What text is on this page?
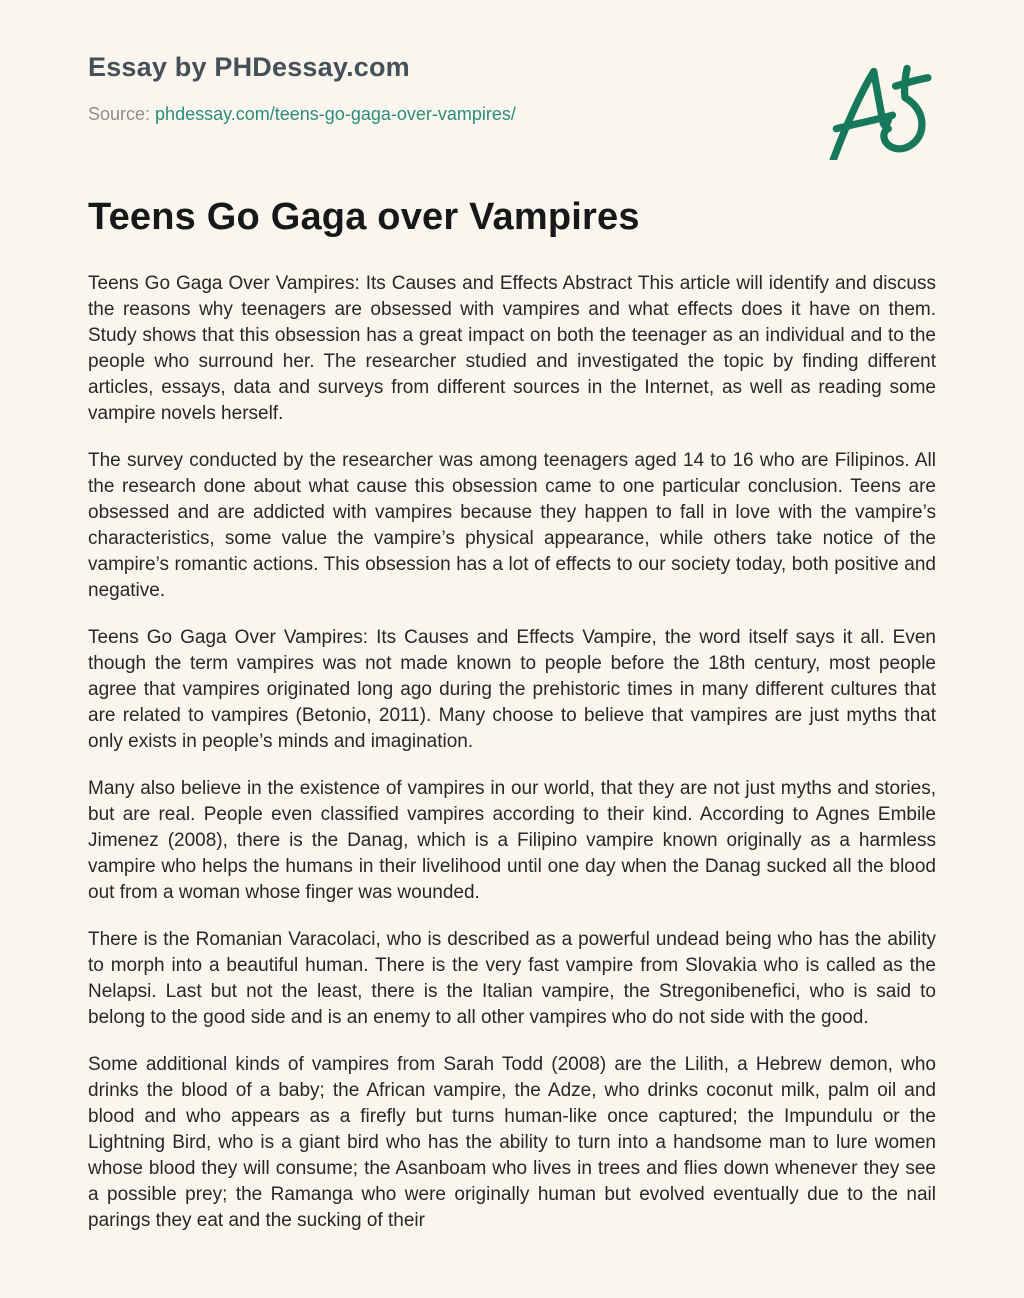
Essay by PHDessay.com
Source: phdessay.com/teens-go-gaga-over-vampires/
Teens Go Gaga over Vampires

Teens Go Gaga Over Vampires: Its Causes and Effects Abstract This article will identify and discuss the reasons why teenagers are obsessed with vampires and what effects does it have on them. Study shows that this obsession has a great impact on both the teenager as an individual and to the people who surround her. The researcher studied and investigated the topic by finding different articles, essays, data and surveys from different sources in the Internet, as well as reading some vampire novels herself.

The survey conducted by the researcher was among teenagers aged 14 to 16 who are Filipinos. All the research done about what cause this obsession came to one particular conclusion. Teens are obsessed and are addicted with vampires because they happen to fall in love with the vampire’s characteristics, some value the vampire’s physical appearance, while others take notice of the vampire’s romantic actions. This obsession has a lot of effects to our society today, both positive and negative.

Teens Go Gaga Over Vampires: Its Causes and Effects Vampire, the word itself says it all. Even though the term vampires was not made known to people before the 18th century, most people agree that vampires originated long ago during the prehistoric times in many different cultures that are related to vampires (Betonio, 2011). Many choose to believe that vampires are just myths that only exists in people’s minds and imagination.

Many also believe in the existence of vampires in our world, that they are not just myths and stories, but are real. People even classified vampires according to their kind. According to Agnes Embile Jimenez (2008), there is the Danag, which is a Filipino vampire known originally as a harmless vampire who helps the humans in their livelihood until one day when the Danag sucked all the blood out from a woman whose finger was wounded.

There is the Romanian Varacolaci, who is described as a powerful undead being who has the ability to morph into a beautiful human. There is the very fast vampire from Slovakia who is called as the Nelapsi. Last but not the least, there is the Italian vampire, the Stregonibenefici, who is said to belong to the good side and is an enemy to all other vampires who do not side with the good.

Some additional kinds of vampires from Sarah Todd (2008) are the Lilith, a Hebrew demon, who drinks the blood of a baby; the African vampire, the Adze, who drinks coconut milk, palm oil and blood and who appears as a firefly but turns human-like once captured; the Impundulu or the Lightning Bird, who is a giant bird who has the ability to turn into a handsome man to lure women whose blood they will consume; the Asanboam who lives in trees and flies down whenever they see a possible prey; the Ramanga who were originally human but evolved eventually due to the nail parings they eat and the sucking of their
